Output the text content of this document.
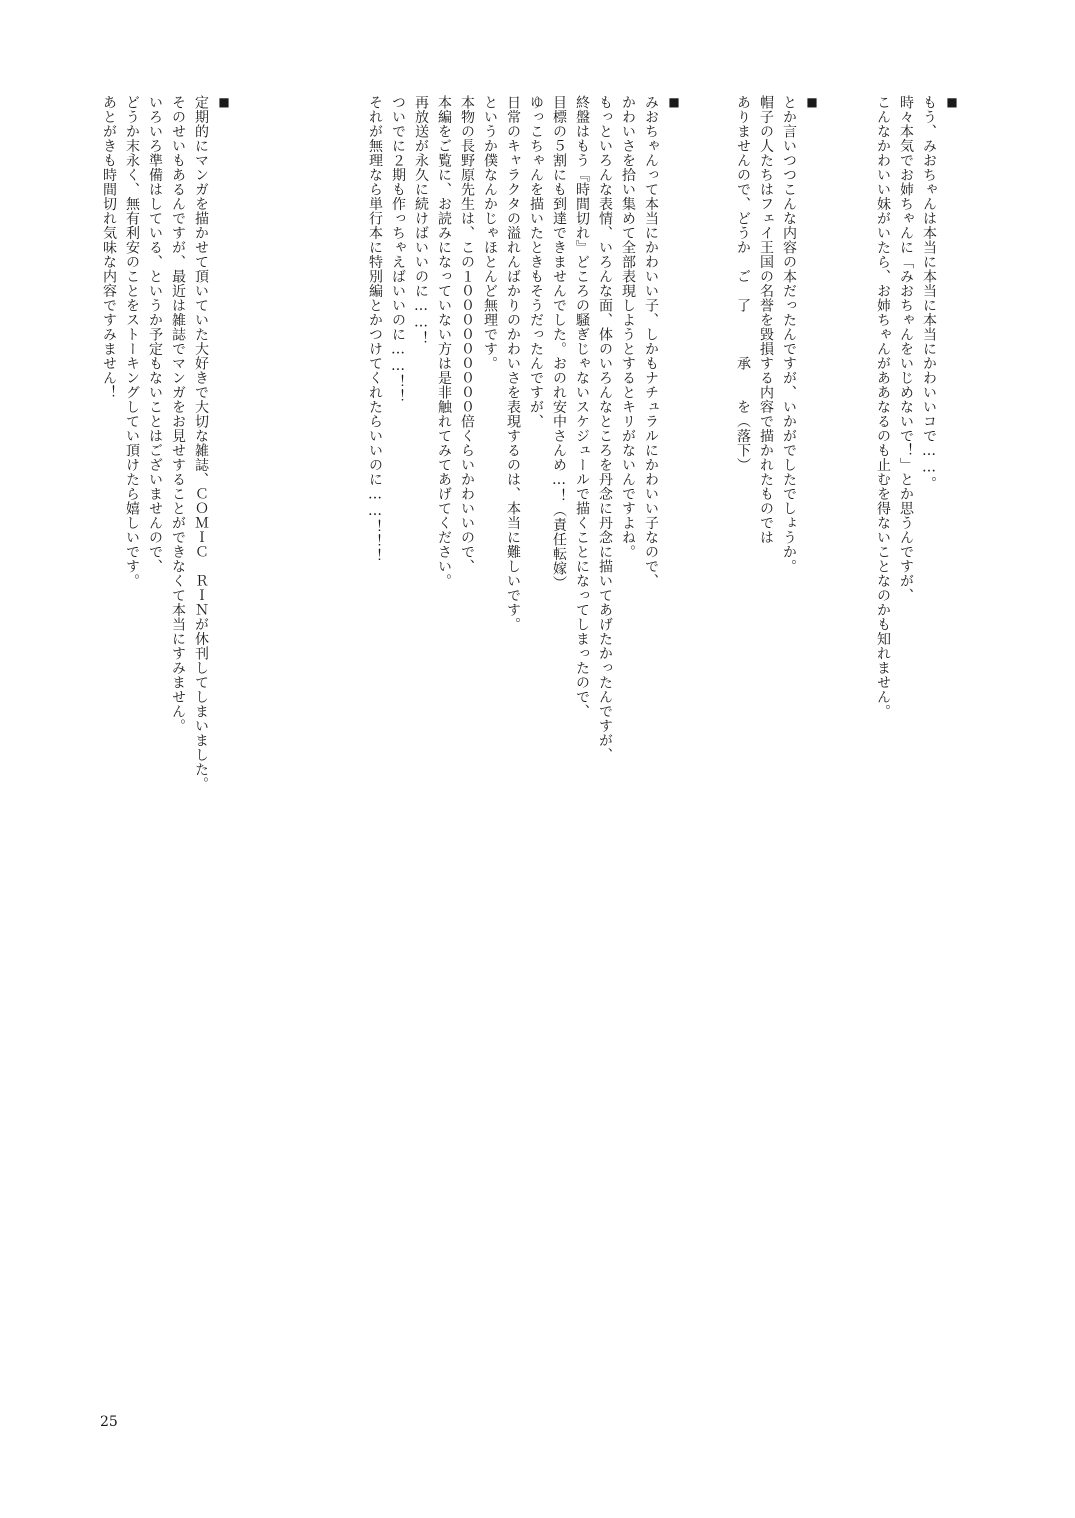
■
もう、みおちゃんは本当に本当に本当にかわいいコで……。
時々本気でお姉ちゃんに「みおちゃんをいじめないで！」とか思うんですが、
こんなかわいい妹がいたら、お姉ちゃんがああなるのも止むを得ないことなのかも知れません。
■
とか言いつつこんな内容の本だったんですが、いかがでしたでしょうか。
帽子の人たちはフェイ王国の名誉を毀損する内容で描かれたものでは
ありませんので、どうか　ご　了　　　承　　を（落下）
■
みおちゃんって本当にかわいい子、しかもナチュラルにかわいい子なので、
かわいさを拾い集めて全部表現しようとするとキリがないんですよね。
もっといろんな表情、いろんな面、体のいろんなところを丹念に丹念に描いてあげたかったんですが、
終盤はもう『時間切れ』どころの騒ぎじゃないスケジュールで描くことになってしまったので、
目標の５割にも到達できませんでした。おのれ安中さんめ…！（責任転嫁）
ゆっこちゃんを描いたときもそうだったんですが、
日常のキャラクタの溢れんばかりのかわいさを表現するのは、本当に難しいです。
というか僕なんかじゃほとんど無理です。
本物の長野原先生は、この１０００００００００倍くらいかわいいので、
本編をご覧に、お読みになっていない方は是非触れてみてあげてください。
再放送が永久に続けばいいのに……！
ついでに２期も作っちゃえばいいのに……！！
それが無理なら単行本に特別編とかつけてくれたらいいのに……！！！
■
定期的にマンガを描かせて頂いていた大好きで大切な雑誌、ＣＯＭＩＣ　ＲＩＮが休刊してしまいました。
そのせいもあるんですが、最近は雑誌でマンガをお見せすることができなくて本当にすみません。
いろいろ準備はしている、というか予定もないことはございませんので、
どうか末永く、無有利安のことをストーキングしてい頂けたら嬉しいです。
あとがきも時間切れ気味な内容ですみません！
25
